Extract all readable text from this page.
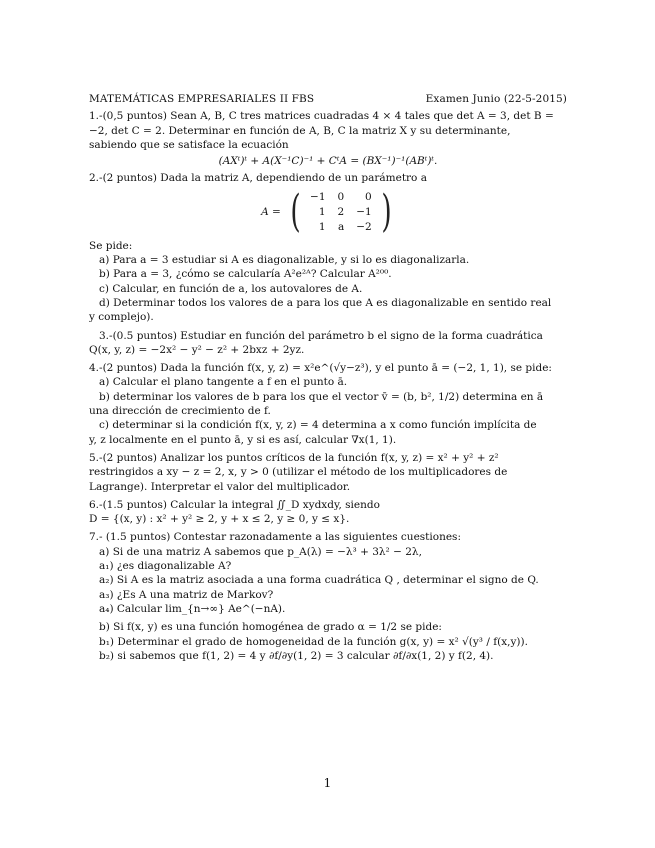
MATEMÁTICAS EMPRESARIALES II FBS	Examen Junio (22-5-2015)

1.-(0,5 puntos) Sean A, B, C tres matrices cuadradas 4 × 4 tales que det A = 3, det B =

−2, det C = 2. Determinar en función de A, B, C la matriz X y su determinante,

sabiendo que se satisface la ecuación

(AXᵗ)ᵗ + A(X⁻¹C)⁻¹ + CᵗA = (BX⁻¹)⁻¹(ABᵗ)ᵗ.

2.-(2 puntos) Dada la matriz A, dependiendo de un parámetro a

A = ( −1	0	0
1	2	−1
1	a	−2 )

Se pide:

a) Para a = 3 estudiar si A es diagonalizable, y si lo es diagonalizarla.

b) Para a = 3, ¿cómo se calcularía A²e²ᴬ? Calcular A²⁰⁰.

c) Calcular, en función de a, los autovalores de A.

d) Determinar todos los valores de a para los que A es diagonalizable en sentido real

y complejo).

3.-(0.5 puntos) Estudiar en función del parámetro b el signo de la forma cuadrática

Q(x, y, z) = −2x² − y² − z² + 2bxz + 2yz.

4.-(2 puntos) Dada la función f(x, y, z) = x²e^(√y−z³), y el punto ā = (−2, 1, 1), se pide:

a) Calcular el plano tangente a f en el punto ā.

b) determinar los valores de b para los que el vector v̄ = (b, b², 1/2) determina en ā

una dirección de crecimiento de f.

c) determinar si la condición f(x, y, z) = 4 determina a x como función implícita de

y, z localmente en el punto ā, y si es así, calcular ∇x(1, 1).

5.-(2 puntos) Analizar los puntos críticos de la función f(x, y, z) = x² + y² + z²

restringidos a xy − z = 2, x, y > 0 (utilizar el método de los multiplicadores de

Lagrange). Interpretar el valor del multiplicador.

6.-(1.5 puntos) Calcular la integral ∬_D xydxdy, siendo

D = {(x, y) : x² + y² ≥ 2, y + x ≤ 2, y ≥ 0, y ≤ x}.

7.- (1.5 puntos) Contestar razonadamente a las siguientes cuestiones:

a) Si de una matriz A sabemos que p_A(λ) = −λ³ + 3λ² − 2λ,

a₁) ¿es diagonalizable A?

a₂) Si A es la matriz asociada a una forma cuadrática Q , determinar el signo de Q.

a₃) ¿Es A una matriz de Markov?

a₄) Calcular lim_{n→∞} Ae^(−nA).

b) Si f(x, y) es una función homogénea de grado α = 1/2 se pide:

b₁) Determinar el grado de homogeneidad de la función g(x, y) = x² √(y³ / f(x,y)).

b₂) si sabemos que f(1, 2) = 4 y ∂f/∂y(1, 2) = 3 calcular ∂f/∂x(1, 2) y f(2, 4).

1
